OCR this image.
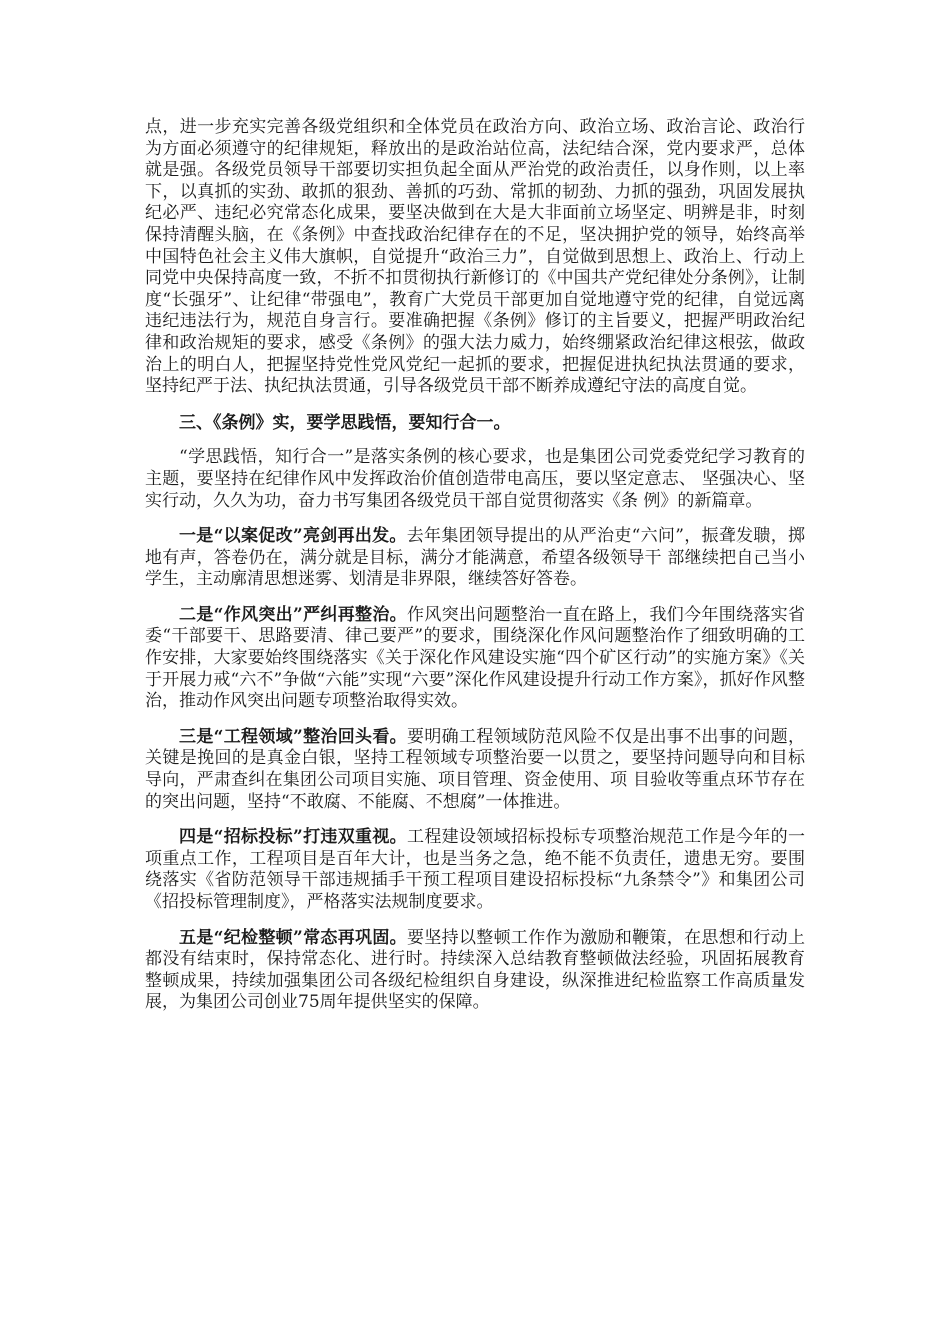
点，进一步充实完善各级党组织和全体党员在政治方向、政治立场、政治言论、政治行为方面必须遵守的纪律规矩，释放出的是政治站位高，法纪结合深，党内要求严，总体就是强。各级党员领导干部要切实担负起全面从严治党的政治责任，以身作则，以上率下，以真抓的实劲、敢抓的狠劲、善抓的巧劲、常抓的韧劲、力抓的强劲，巩固发展执纪必严、违纪必究常态化成果，要坚决做到在大是大非面前立场坚定、明辨是非，时刻保持清醒头脑，在《条例》中查找政治纪律存在的不足，坚决拥护党的领导，始终高举中国特色社会主义伟大旗帜，自觉提升“政治三力”，自觉做到思想上、政治上、行动上同党中央保持高度一致，不折不扣贯彻执行新修订的《中国共产党纪律处分条例》，让制度“长强牙”、让纪律“带强电”，教育广大党员干部更加自觉地遵守党的纪律，自觉远离违纪违法行为，规范自身言行。要准确把握《条例》修订的主旨要义，把握严明政治纪律和政治规矩的要求，感受《条例》的强大法力威力，始终绷紧政治纪律这根弦，做政治上的明白人，把握坚持党性党风党纪一起抓的要求，把握促进执纪执法贯通的要求，坚持纪严于法、执纪执法贯通，引导各级党员干部不断养成遵纪守法的高度自觉。

三、《条例》实，要学思践悟，要知行合一。

“学思践悟，知行合一”是落实条例的核心要求，也是集团公司党委党纪学习教育的主题，要坚持在纪律作风中发挥政治价值创造带电高压，要以坚定意志、 坚强决心、坚实行动，久久为功，奋力书写集团各级党员干部自觉贯彻落实《条 例》的新篇章。

一是“以案促改”亮剑再出发。去年集团领导提出的从严治吏“六问”，振聋发聩，掷地有声，答卷仍在，满分就是目标，满分才能满意，希望各级领导干 部继续把自己当小学生，主动廓清思想迷雾、划清是非界限，继续答好答卷。

二是“作风突出”严纠再整治。作风突出问题整治一直在路上，我们今年围绕落实省委“干部要干、思路要清、律己要严”的要求，围绕深化作风问题整治作了细致明确的工作安排，大家要始终围绕落实《关于深化作风建设实施“四个矿区行动”的实施方案》《关于开展力戒“六不”争做“六能”实现“六要”深化作风建设提升行动工作方案》，抓好作风整治，推动作风突出问题专项整治取得实效。

三是“工程领域”整治回头看。要明确工程领域防范风险不仅是出事不出事的问题，关键是挽回的是真金白银，坚持工程领域专项整治要一以贯之，要坚持问题导向和目标导向，严肃查纠在集团公司项目实施、项目管理、资金使用、项 目验收等重点环节存在的突出问题，坚持“不敢腐、不能腐、不想腐”一体推进。

四是“招标投标”打违双重视。工程建设领域招标投标专项整治规范工作是今年的一项重点工作，工程项目是百年大计，也是当务之急，绝不能不负责任，遗患无穷。要围绕落实《省防范领导干部违规插手干预工程项目建设招标投标“九条禁令”》和集团公司《招投标管理制度》，严格落实法规制度要求。

五是“纪检整顿”常态再巩固。要坚持以整顿工作作为激励和鞭策，在思想和行动上都没有结束时，保持常态化、进行时。持续深入总结教育整顿做法经验，巩固拓展教育整顿成果，持续加强集团公司各级纪检组织自身建设，纵深推进纪检监察工作高质量发展，为集团公司创业75周年提供坚实的保障。
